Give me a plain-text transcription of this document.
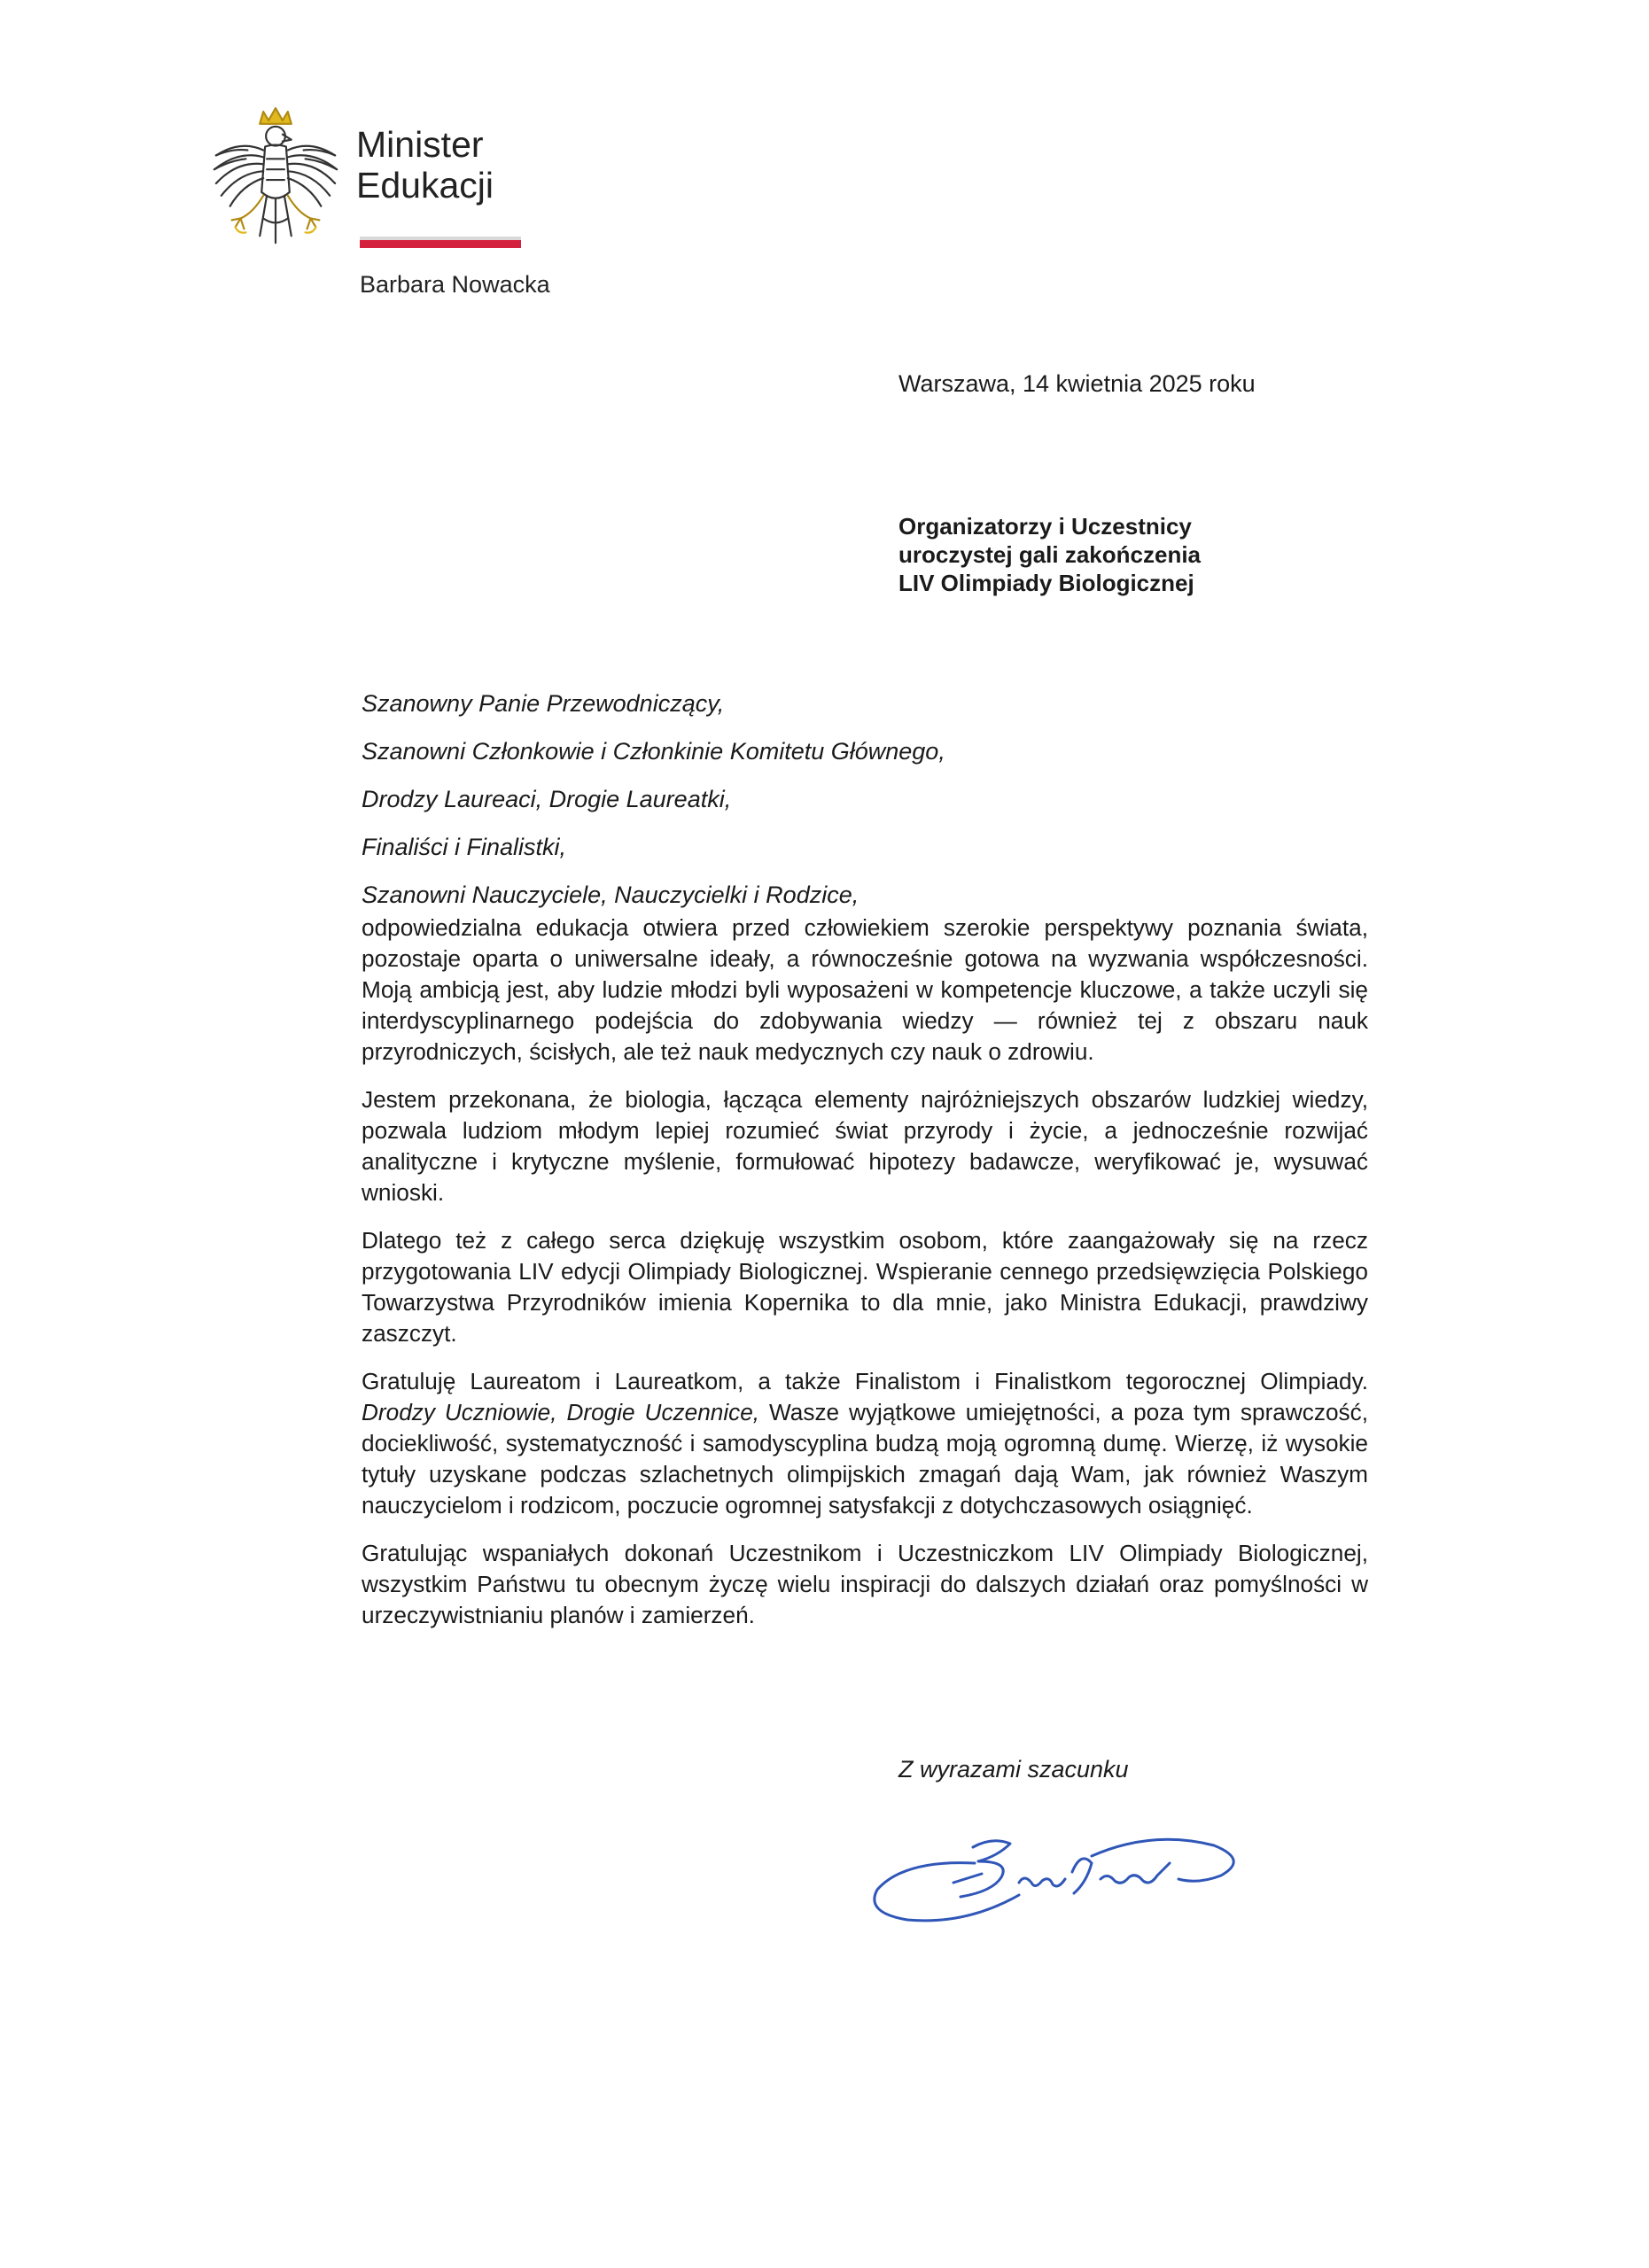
Minister
Edukacji
Barbara Nowacka
Warszawa, 14 kwietnia 2025 roku
Organizatorzy i Uczestnicy
uroczystej gali zakończenia
LIV Olimpiady Biologicznej
Szanowny Panie Przewodniczący,
Szanowni Członkowie i Członkinie Komitetu Głównego,
Drodzy Laureaci, Drogie Laureatki,
Finaliści i Finalistki,
Szanowni Nauczyciele, Nauczycielki i Rodzice,

odpowiedzialna edukacja otwiera przed człowiekiem szerokie perspektywy poznania świata, pozostaje oparta o uniwersalne ideały, a równocześnie gotowa na wyzwania współczesności. Moją ambicją jest, aby ludzie młodzi byli wyposażeni w kompetencje kluczowe, a także uczyli się interdyscyplinarnego podejścia do zdobywania wiedzy — również tej z obszaru nauk przyrodniczych, ścisłych, ale też nauk medycznych czy nauk o zdrowiu.

Jestem przekonana, że biologia, łącząca elementy najróżniejszych obszarów ludzkiej wiedzy, pozwala ludziom młodym lepiej rozumieć świat przyrody i życie, a jednocześnie rozwijać analityczne i krytyczne myślenie, formułować hipotezy badawcze, weryfikować je, wysuwać wnioski.

Dlatego też z całego serca dziękuję wszystkim osobom, które zaangażowały się na rzecz przygotowania LIV edycji Olimpiady Biologicznej. Wspieranie cennego przedsięwzięcia Polskiego Towarzystwa Przyrodników imienia Kopernika to dla mnie, jako Ministra Edukacji, prawdziwy zaszczyt.

Gratuluję Laureatom i Laureatkom, a także Finalistom i Finalistkom tegorocznej Olimpiady. Drodzy Uczniowie, Drogie Uczennice, Wasze wyjątkowe umiejętności, a poza tym sprawczość, dociekliwość, systematyczność i samodyscyplina budzą moją ogromną dumę. Wierzę, iż wysokie tytuły uzyskane podczas szlachetnych olimpijskich zmagań dają Wam, jak również Waszym nauczycielom i rodzicom, poczucie ogromnej satysfakcji z dotychczasowych osiągnięć.

Gratulując wspaniałych dokonań Uczestnikom i Uczestniczkom LIV Olimpiady Biologicznej, wszystkim Państwu tu obecnym życzę wielu inspiracji do dalszych działań oraz pomyślności w urzeczywistnianiu planów i zamierzeń.

Z wyrazami szacunku
